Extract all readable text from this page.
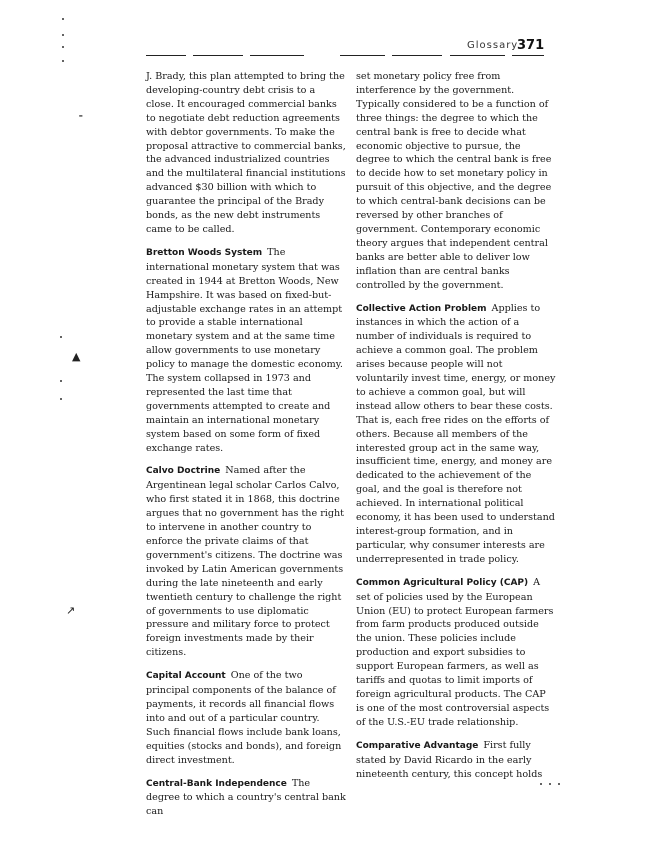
Glossary
371
▲
↗
⁃

J. Brady, this plan attempted to bring the developing-country debt crisis to a close. It encouraged commercial banks to negotiate debt reduction agreements with debtor governments. To make the proposal attractive to commercial banks, the advanced industrialized countries and the multilateral financial institutions advanced $30 billion with which to guarantee the principal of the Brady bonds, as the new debt instruments came to be called.

Bretton Woods System The international monetary system that was created in 1944 at Bretton Woods, New Hampshire. It was based on fixed-but-adjustable exchange rates in an attempt to provide a stable international monetary system and at the same time allow governments to use monetary policy to manage the domestic economy. The system collapsed in 1973 and represented the last time that governments attempted to create and maintain an international monetary system based on some form of fixed exchange rates.

Calvo Doctrine Named after the Argentinean legal scholar Carlos Calvo, who first stated it in 1868, this doctrine argues that no government has the right to intervene in another country to enforce the private claims of that government's citizens. The doctrine was invoked by Latin American governments during the late nineteenth and early twentieth century to challenge the right of governments to use diplomatic pressure and military force to protect foreign investments made by their citizens.

Capital Account One of the two principal components of the balance of payments, it records all financial flows into and out of a particular country. Such financial flows include bank loans, equities (stocks and bonds), and foreign direct investment.

Central-Bank Independence The degree to which a country's central bank can

set monetary policy free from interference by the government. Typically considered to be a function of three things: the degree to which the central bank is free to decide what economic objective to pursue, the degree to which the central bank is free to decide how to set monetary policy in pursuit of this objective, and the degree to which central-bank decisions can be reversed by other branches of government. Contemporary economic theory argues that independent central banks are better able to deliver low inflation than are central banks controlled by the government.

Collective Action Problem Applies to instances in which the action of a number of individuals is required to achieve a common goal. The problem arises because people will not voluntarily invest time, energy, or money to achieve a common goal, but will instead allow others to bear these costs. That is, each free rides on the efforts of others. Because all members of the interested group act in the same way, insufficient time, energy, and money are dedicated to the achievement of the goal, and the goal is therefore not achieved. In international political economy, it has been used to understand interest-group formation, and in particular, why consumer interests are underrepresented in trade policy.

Common Agricultural Policy (CAP) A set of policies used by the European Union (EU) to protect European farmers from farm products produced outside the union. These policies include production and export subsidies to support European farmers, as well as tariffs and quotas to limit imports of foreign agricultural products. The CAP is one of the most controversial aspects of the U.S.-EU trade relationship.

Comparative Advantage First fully stated by David Ricardo in the early nineteenth century, this concept holds
